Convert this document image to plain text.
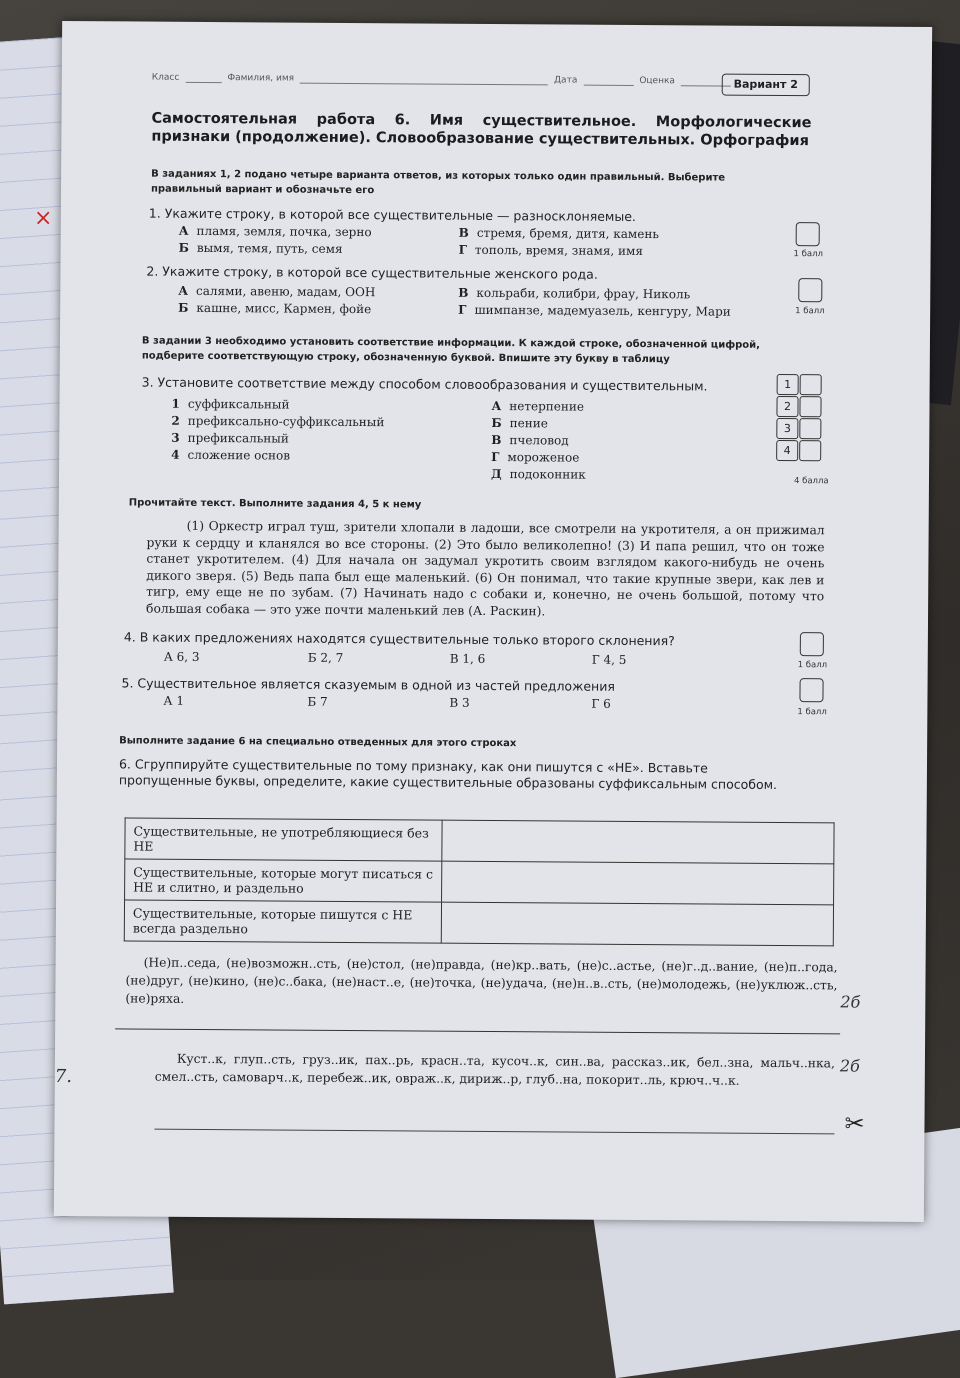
×
Класс	Фамилия, имя	Дата	Оценка	Вариант 2
Самостоятельная работа 6. Имя существительное. Морфологические признаки (продолжение). Словообразование существительных. Орфография
В заданиях 1, 2 подано четыре варианта ответов, из которых только один правильный. Выберите правильный вариант и обозначьте его
1. Укажите строку, в которой все существительные — разносклоняемые.
А пламя, земля, почка, зерно
Б вымя, темя, путь, семя
В стремя, бремя, дитя, камень
Г тополь, время, знамя, имя	1 балл
2. Укажите строку, в которой все существительные женского рода.
А салями, авеню, мадам, ООН
Б кашне, мисс, Кармен, фойе
В кольраби, колибри, фрау, Николь
Г шимпанзе, мадемуазель, кенгуру, Мари	1 балл
В задании 3 необходимо установить соответствие информации. К каждой строке, обозначенной цифрой, подберите соответствующую строку, обозначенную буквой. Впишите эту букву в таблицу
3. Установите соответствие между способом словообразования и существительным.
1 суффиксальный
2 префиксально-суффиксальный
3 префиксальный
4 сложение основ
А нетерпение
Б пение
В пчеловод
Г мороженое
Д подоконник
1
2
3
4
4 балла
Прочитайте текст. Выполните задания 4, 5 к нему
(1) Оркестр играл туш, зрители хлопали в ладоши, все смотрели на укротителя, а он прижимал руки к сердцу и кланялся во все стороны. (2) Это было великолепно! (3) И папа решил, что он тоже станет укротителем. (4) Для начала он задумал укротить своим взглядом какого-нибудь не очень дикого зверя. (5) Ведь папа был еще маленький. (6) Он понимал, что такие крупные звери, как лев и тигр, ему еще не по зубам. (7) Начинать надо с собаки и, конечно, не очень большой, потому что большая собака — это уже почти маленький лев (А. Раскин).
4. В каких предложениях находятся существительные только второго склонения?
А 6, 3	Б 2, 7	В 1, 6	Г 4, 5	1 балл
5. Существительное является сказуемым в одной из частей предложения
А 1	Б 7	В 3	Г 6
1 балл
Выполните задание 6 на специально отведенных для этого строках
6. Сгруппируйте существительные по тому признаку, как они пишутся с «НЕ». Вставьте пропущенные буквы, определите, какие существительные образованы суффиксальным способом.
Существительные, не употребляющиеся без НЕ	
Существительные, которые могут писаться с НЕ и слитно, и раздельно	
Существительные, которые пишутся с НЕ всегда раздельно	
(Не)п..седа, (не)возможн..сть, (не)стол, (не)правда, (не)кр..вать, (не)с..астье, (не)г..д..вание, (не)п..года, (не)друг, (не)кино, (не)с..бака, (не)наст..е, (не)точка, (не)удача, (не)н..в..сть, (не)молодежь, (не)уклюж..сть, (не)ряха.	2б
7.
Куст..к, глуп..сть, груз..ик, пах..рь, красн..та, кусоч..к, син..ва, рассказ..ик, бел..зна, мальч..нка, смел..сть, самоварч..к, перебеж..ик, овраж..к, дириж..р, глуб..на, покорит..ль, крюч..ч..к.
2б
✂
